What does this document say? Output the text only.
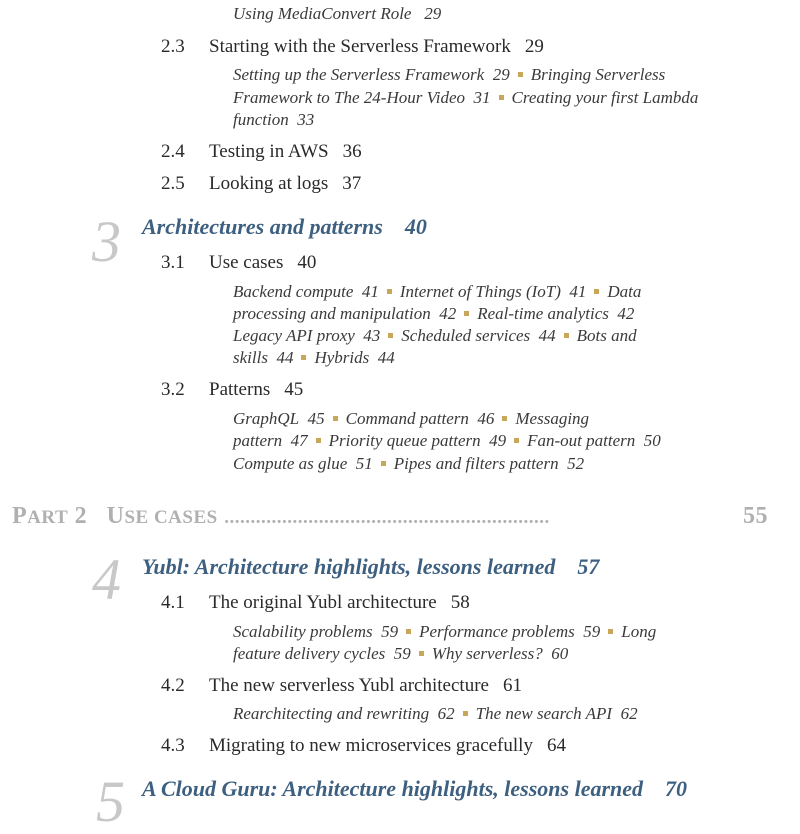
Using MediaConvert Role 29
2.3 Starting with the Serverless Framework 29
Setting up the Serverless Framework 29 Bringing Serverless
Framework to The 24-Hour Video 31 Creating your first Lambda
function 33
2.4 Testing in AWS 36
2.5 Looking at logs 37
3 Architectures and patterns 40
3.1 Use cases 40
Backend compute 41 Internet of Things (IoT) 41 Data
processing and manipulation 42 Real-time analytics 42
Legacy API proxy 43 Scheduled services 44 Bots and
skills 44 Hybrids 44
3.2 Patterns 45
GraphQL 45 Command pattern 46 Messaging
pattern 47 Priority queue pattern 49 Fan-out pattern 50
Compute as glue 51 Pipes and filters pattern 52
PART 2 USE CASES ..............................................................	55
4 Yubl: Architecture highlights, lessons learned 57
4.1 The original Yubl architecture 58
Scalability problems 59 Performance problems 59 Long
feature delivery cycles 59 Why serverless? 60
4.2 The new serverless Yubl architecture 61
Rearchitecting and rewriting 62 The new search API 62
4.3 Migrating to new microservices gracefully 64
5 A Cloud Guru: Architecture highlights, lessons learned 70
